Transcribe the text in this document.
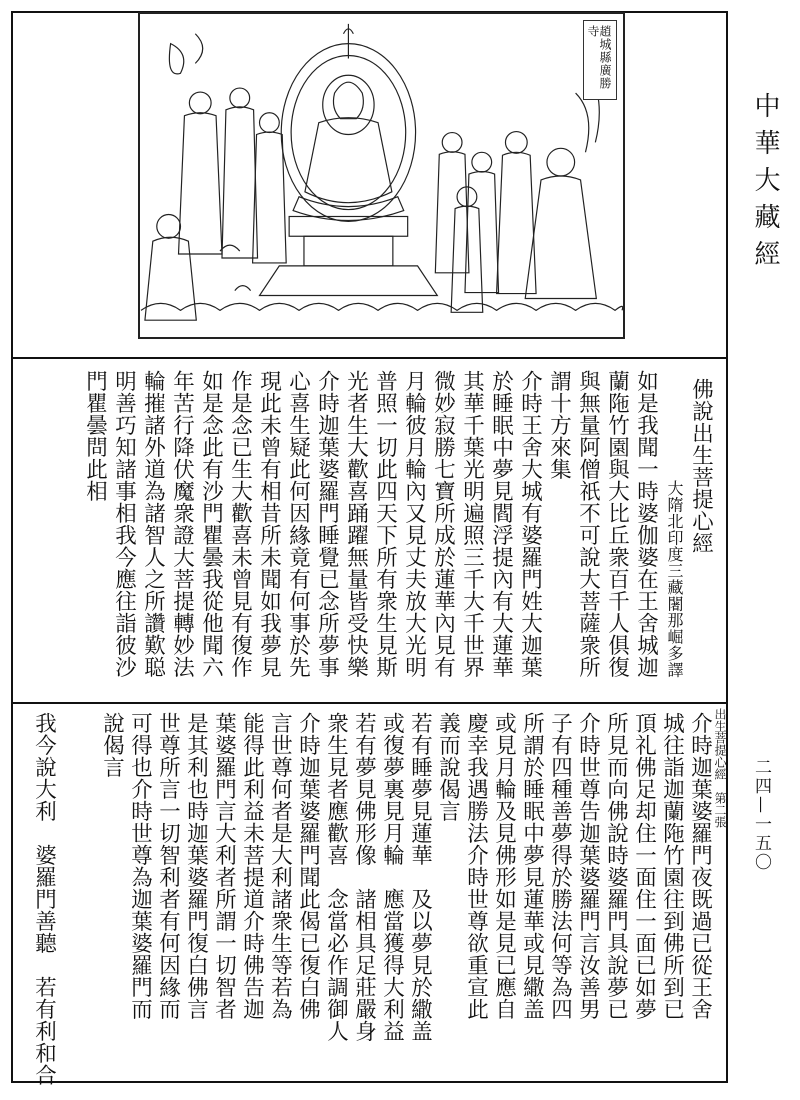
趙城縣廣勝寺
中華大藏經
二四—一五〇
佛說出生菩提心經
大隋北印度三藏闍那崛多譯
如是我聞一時婆伽婆在王舍城迦
蘭陁竹園與大比丘衆百千人俱復
與無量阿僧祇不可說大菩薩衆所
謂十方來集
介時王舍大城有婆羅門姓大迦葉
於睡眠中夢見閻浮提內有大蓮華
其華千葉光明遍照三千大千世界
微妙寂勝七寶所成於蓮華內見有
月輪彼月輪內又見丈夫放大光明
普照一切此四天下所有衆生見斯
光者生大歡喜踊躍無量皆受快樂
介時迦葉婆羅門睡覺已念所夢事
心喜生疑此何因緣竟有何事於先
現此未曾有相昔所未聞如我夢見
作是念已生大歡喜未曾見有復作
如是念此有沙門瞿曇我從他聞六
年苦行降伏魔衆證大菩提轉妙法
輪摧諸外道為諸智人之所讚歎聪
明善巧知諸事相我今應往詣彼沙
門瞿曇問此相
出生菩提心經　第二張
介時迦葉婆羅門夜既過已從王舍
城往詣迦蘭陁竹園往到佛所到已
頂礼佛足却住一面住一面已如夢
所見而向佛說時婆羅門具說夢已
介時世尊告迦葉婆羅門言汝善男
子有四種善夢得於勝法何等為四
所謂於睡眠中夢見蓮華或見繖盖
或見月輪及見佛形如是見已應自
慶幸我遇勝法介時世尊欲重宣此
義而說偈言
若有睡夢見蓮華　及以夢見於繖盖
或復夢裏見月輪　應當獲得大利益
若有夢見佛形像　諸相具足莊嚴身
衆生見者應歡喜　念當必作調御人
介時迦葉婆羅門聞此偈已復白佛
言世尊何者是大利諸衆生等若為
能得此利益未菩提道介時佛告迦
葉婆羅門言大利者所謂一切智者
是其利也時迦葉婆羅門復白佛言
世尊所言一切智利者有何因緣而
可得也介時世尊為迦葉婆羅門而
說偈言
我今說大利　婆羅門善聽　若有利和合
